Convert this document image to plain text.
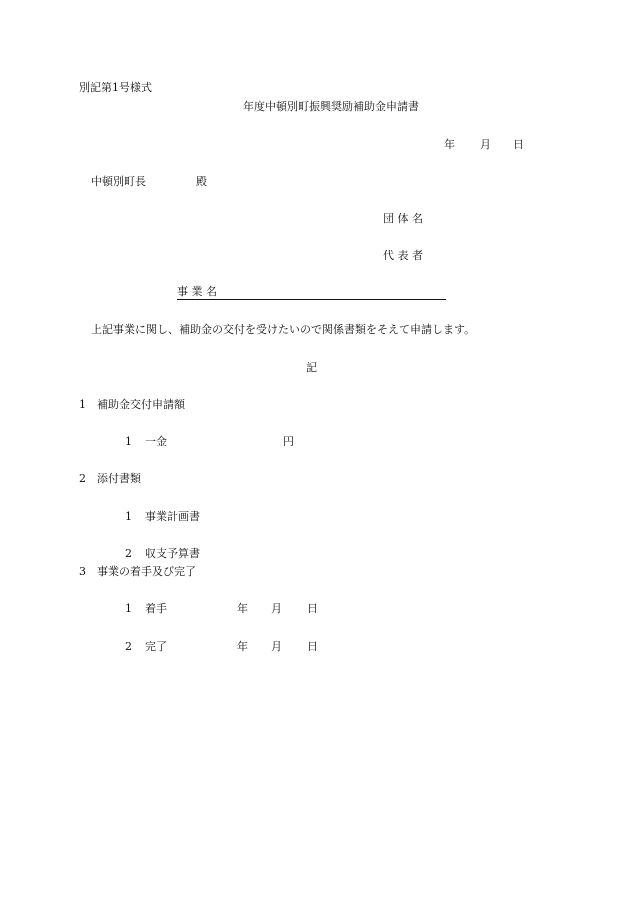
別記第1号様式
年度中頓別町振興奨励補助金申請書
年 月 日
中頓別町長	殿
団 体 名
代 表 者
事 業 名
上記事業に関し、補助金の交付を受けたいので関係書類をそえて申請します。
記
1　補助金交付申請額
1 一金	円
2　添付書類
1 事業計画書
2 収支予算書
3　事業の着手及び完了
1 着手	年 月 日
2 完了	年 月 日
